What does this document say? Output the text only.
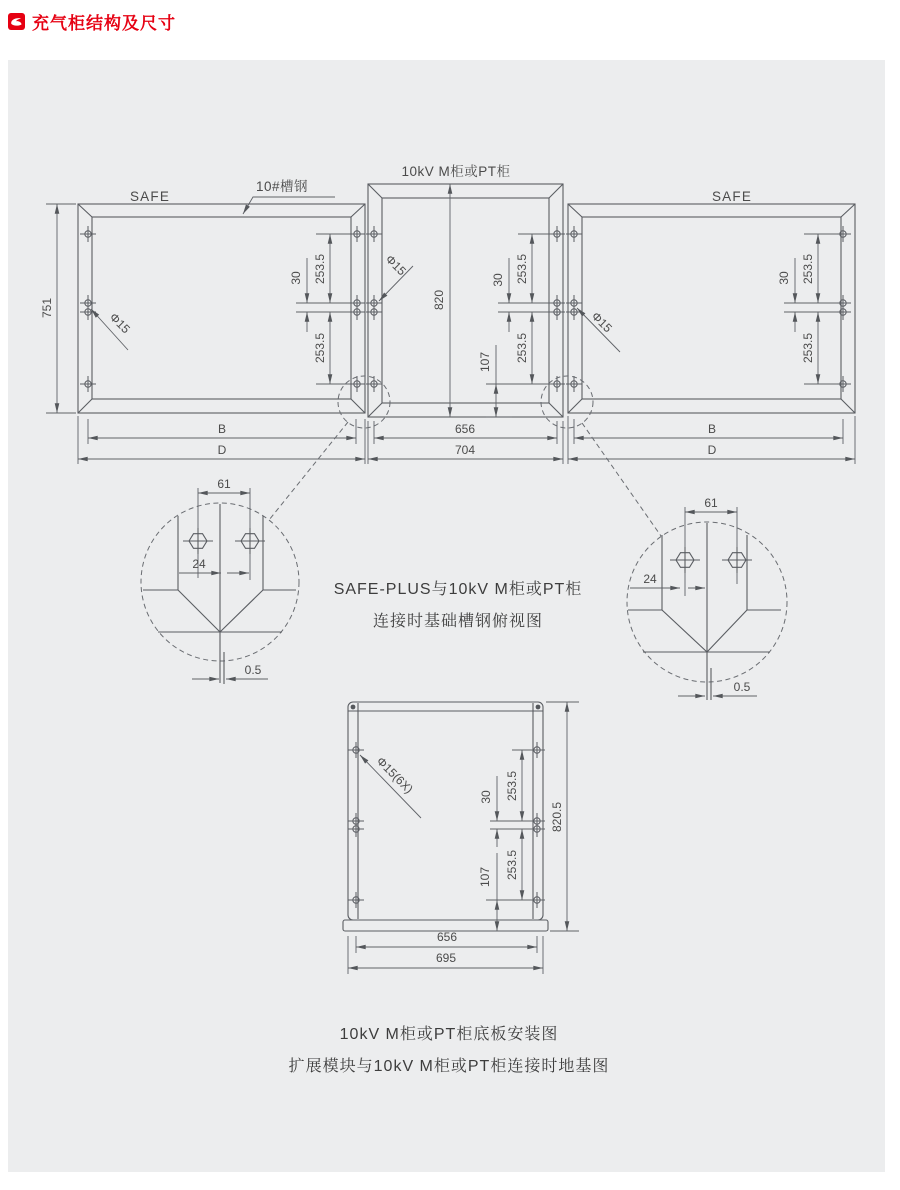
充气柜结构及尺寸
SAFE	SAFE
10kV M柜或PT柜
10#槽钢
751	820
253.5
253.5
30	253.5
253.5
30
107
253.5
253.5
30
Φ15
Φ15
Φ15
B	656	B
D	704	D
61
24
0.5
61
24
0.5
SAFE-PLUS与10kV M柜或PT柜
连接时基础槽钢俯视图
Φ15(6X)	253.5
253.5
30
107
820.5
656
695
10kV M柜或PT柜底板安装图
扩展模块与10kV M柜或PT柜连接时地基图
